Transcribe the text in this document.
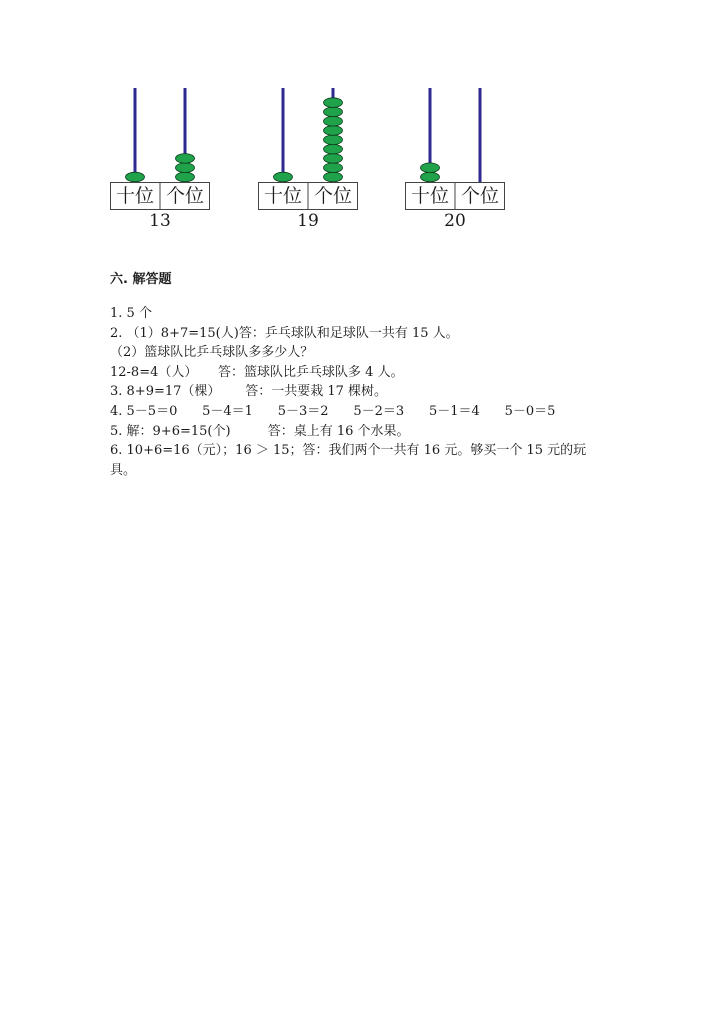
十位 个位
13
十位 个位
19
十位 个位
20
六. 解答题
1. 5 个
2. （1）8+7=15(人)答：乒乓球队和足球队一共有 15 人。
（2）篮球队比乒乓球队多多少人？
12-8=4（人）     答：篮球队比乒乓球队多 4 人。
3. 8+9=17（棵）      答：一共要栽 17 棵树。
4. 5－5＝0      5－4＝1      5－3＝2      5－2＝3      5－1＝4      5－0＝5
5. 解：9+6=15(个)         答：桌上有 16 个水果。
6. 10+6=16（元）；16 ＞ 15；答：我们两个一共有 16 元。够买一个 15 元的玩具。
